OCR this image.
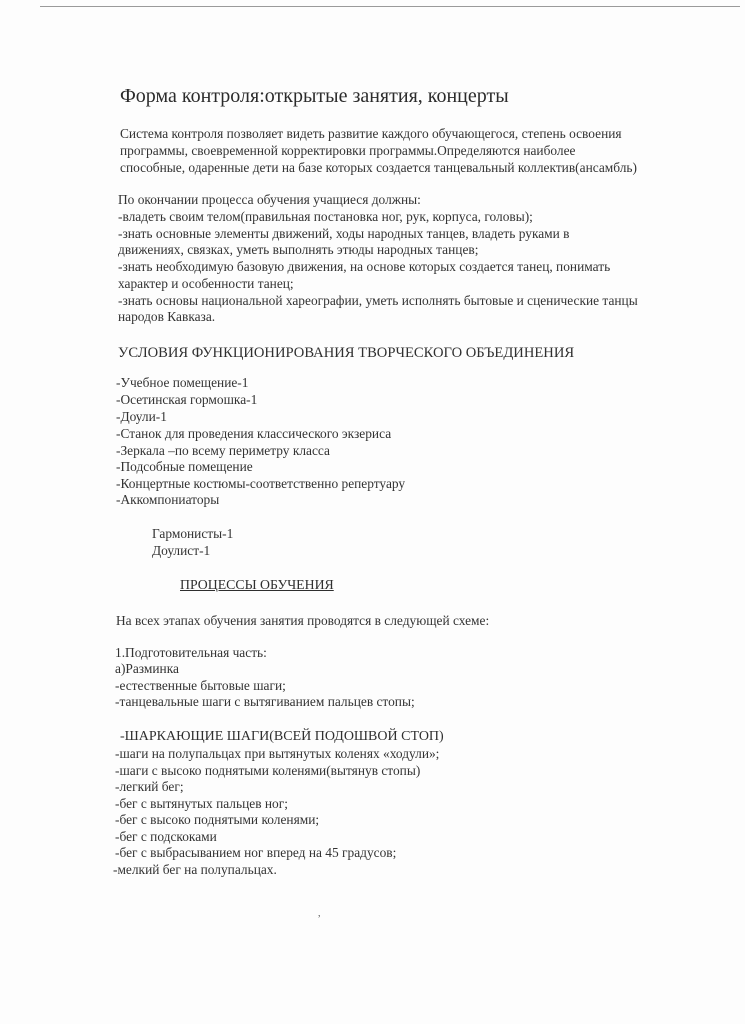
Форма контроля:открытые занятия, концерты
Система контроля позволяет видеть развитие каждого обучающегося, степень освоения
программы, своевременной корректировки программы.Определяются наиболее
способные, одаренные дети на базе которых создается танцевальный коллектив(ансамбль)
По окончании процесса обучения учащиеся должны:
-владеть своим телом(правильная постановка ног, рук, корпуса, головы);
-знать основные элементы движений, ходы народных танцев, владеть руками в
движениях, связках, уметь выполнять этюды народных танцев;
-знать необходимую базовую движения, на основе которых создается танец, понимать
характер и особенности танец;
-знать основы национальной хареографии, уметь исполнять бытовые и сценические танцы
народов Кавказа.
УСЛОВИЯ ФУНКЦИОНИРОВАНИЯ ТВОРЧЕСКОГО ОБЪЕДИНЕНИЯ
-Учебное помещение-1
-Осетинская гормошка-1
-Доули-1
-Станок для проведения классического экзериса
-Зеркала –по всему периметру класса
-Подсобные помещение
-Концертные костюмы-соответственно репертуару
-Аккомпониаторы
Гармонисты-1
Доулист-1
ПРОЦЕССЫ ОБУЧЕНИЯ
На всех этапах обучения занятия проводятся в следующей схеме:
1.Подготовительная часть:
а)Разминка
-естественные бытовые шаги;
-танцевальные шаги с вытягиванием пальцев стопы;
-ШАРКАЮЩИЕ ШАГИ(ВСЕЙ ПОДОШВОЙ СТОП)
-шаги на полупальцах при вытянутых коленях «ходули»;
-шаги с высоко поднятыми коленями(вытянув стопы)
-легкий бег;
-бег с вытянутых пальцев ног;
-бег с высоко поднятыми коленями;
-бег с подскоками
-бег с выбрасыванием ног вперед на 45 градусов;
-мелкий бег на полупальцах.
,
